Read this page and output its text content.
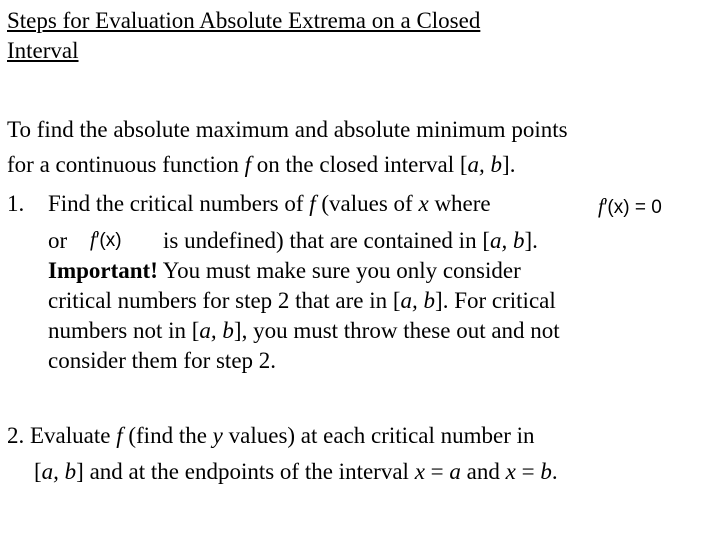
Steps for Evaluation Absolute Extrema on a Closed
Interval
To find the absolute maximum and absolute minimum points
for a continuous function f on the closed interval [a, b].
1. Find the critical numbers of f (values of x where	f′(x) = 0
or f′(x) is undefined) that are contained in [a, b].
Important! You must make sure you only consider
critical numbers for step 2 that are in [a, b]. For critical
numbers not in [a, b], you must throw these out and not
consider them for step 2.
2. Evaluate f (find the y values) at each critical number in
[a, b] and at the endpoints of the interval x = a and x = b.
